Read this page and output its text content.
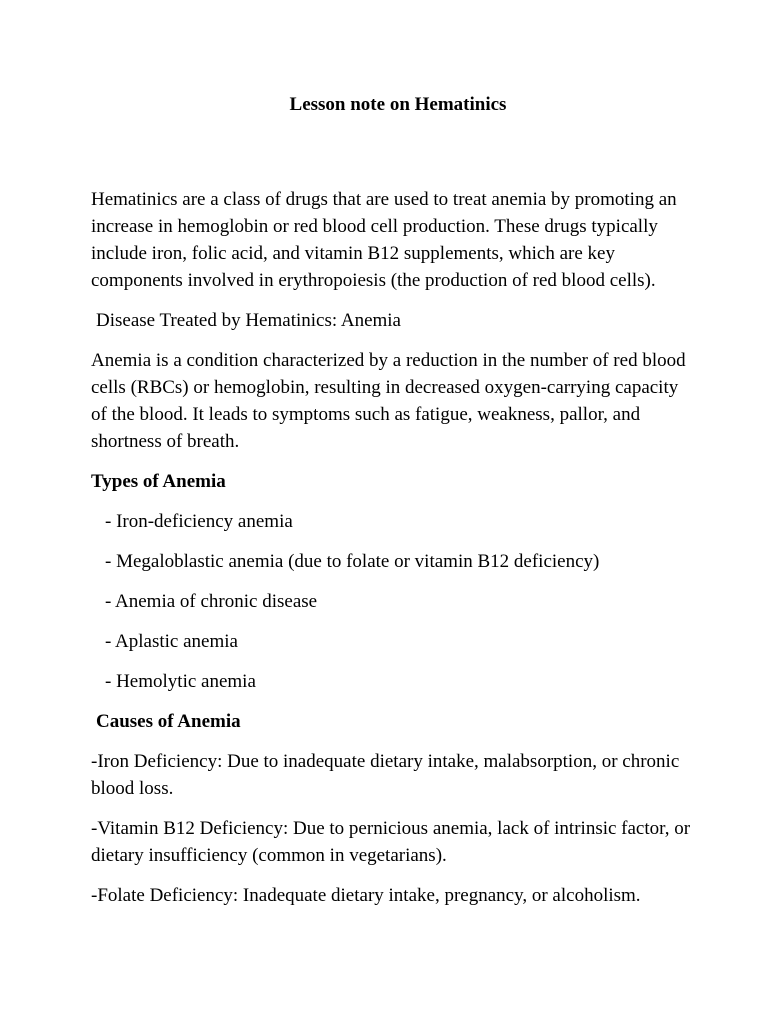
Lesson note on Hematinics

Hematinics are a class of drugs that are used to treat anemia by promoting an increase in hemoglobin or red blood cell production. These drugs typically include iron, folic acid, and vitamin B12 supplements, which are key components involved in erythropoiesis (the production of red blood cells).

Disease Treated by Hematinics: Anemia

Anemia is a condition characterized by a reduction in the number of red blood cells (RBCs) or hemoglobin, resulting in decreased oxygen-carrying capacity of the blood. It leads to symptoms such as fatigue, weakness, pallor, and shortness of breath.

Types of Anemia

- Iron-deficiency anemia

- Megaloblastic anemia (due to folate or vitamin B12 deficiency)

- Anemia of chronic disease

- Aplastic anemia

- Hemolytic anemia

Causes of Anemia

-Iron Deficiency: Due to inadequate dietary intake, malabsorption, or chronic blood loss.

-Vitamin B12 Deficiency: Due to pernicious anemia, lack of intrinsic factor, or dietary insufficiency (common in vegetarians).

-Folate Deficiency: Inadequate dietary intake, pregnancy, or alcoholism.
